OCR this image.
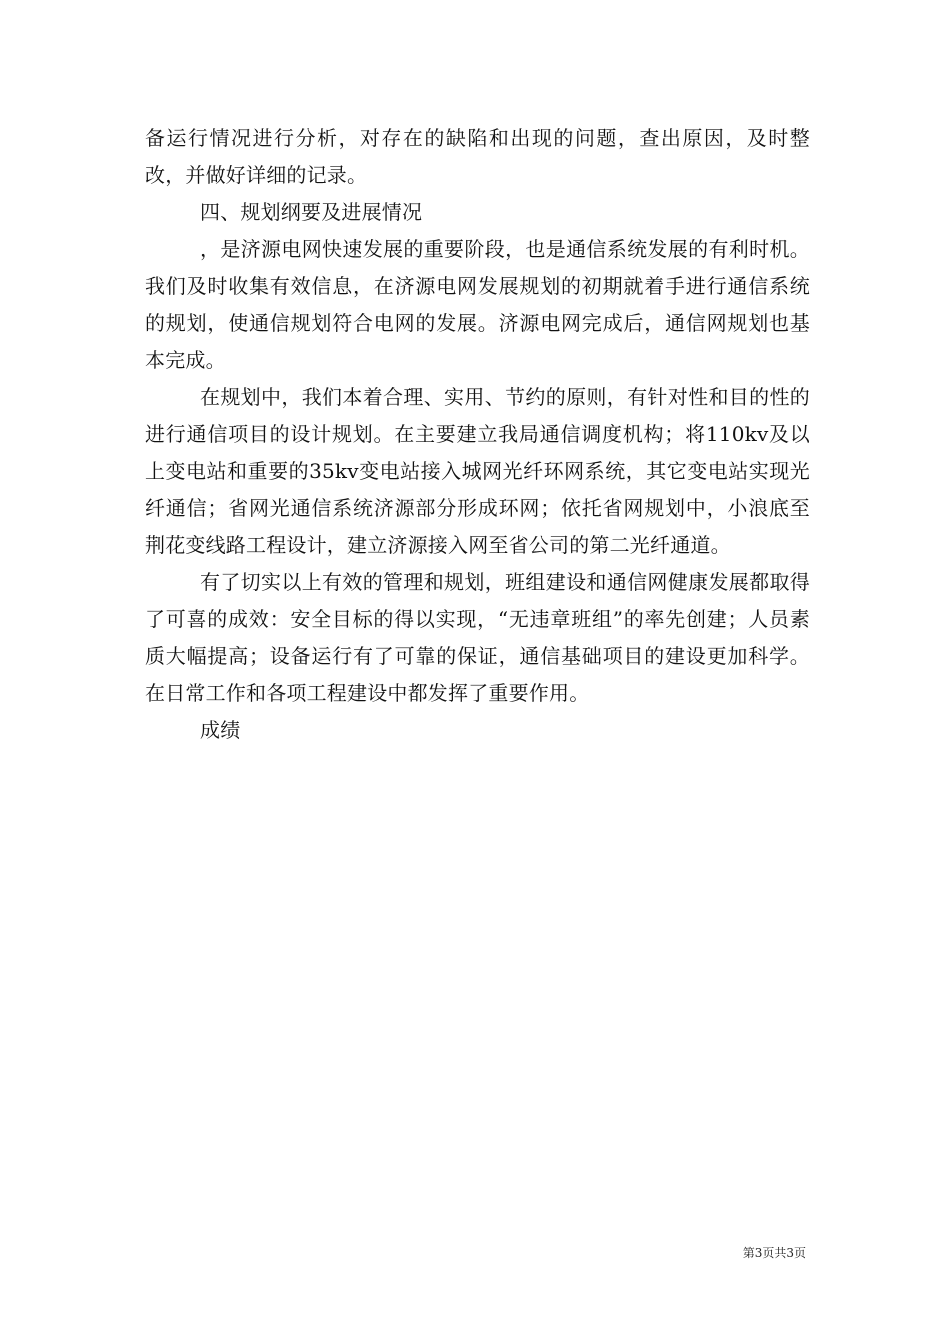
备运行情况进行分析，对存在的缺陷和出现的问题，查出原因，及时整改，并做好详细的记录。

四、规划纲要及进展情况

，是济源电网快速发展的重要阶段，也是通信系统发展的有利时机。我们及时收集有效信息，在济源电网发展规划的初期就着手进行通信系统的规划，使通信规划符合电网的发展。济源电网完成后，通信网规划也基本完成。

在规划中，我们本着合理、实用、节约的原则，有针对性和目的性的进行通信项目的设计规划。在主要建立我局通信调度机构；将110kv及以上变电站和重要的35kv变电站接入城网光纤环网系统，其它变电站实现光纤通信；省网光通信系统济源部分形成环网；依托省网规划中，小浪底至荆花变线路工程设计，建立济源接入网至省公司的第二光纤通道。

有了切实以上有效的管理和规划，班组建设和通信网健康发展都取得了可喜的成效：安全目标的得以实现，“无违章班组”的率先创建；人员素质大幅提高；设备运行有了可靠的保证，通信基础项目的建设更加科学。在日常工作和各项工程建设中都发挥了重要作用。

成绩

第3页共3页
